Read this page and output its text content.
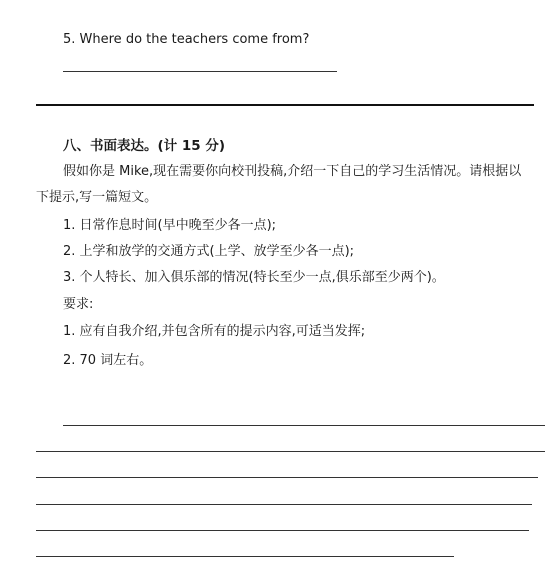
5. Where do the teachers come from?
八、书面表达。(计 15 分)
假如你是 Mike,现在需要你向校刊投稿,介绍一下自己的学习生活情况。请根据以
下提示,写一篇短文。
1. 日常作息时间(早中晚至少各一点);
2. 上学和放学的交通方式(上学、放学至少各一点);
3. 个人特长、加入俱乐部的情况(特长至少一点,俱乐部至少两个)。
要求:
1. 应有自我介绍,并包含所有的提示内容,可适当发挥;
2. 70 词左右。
